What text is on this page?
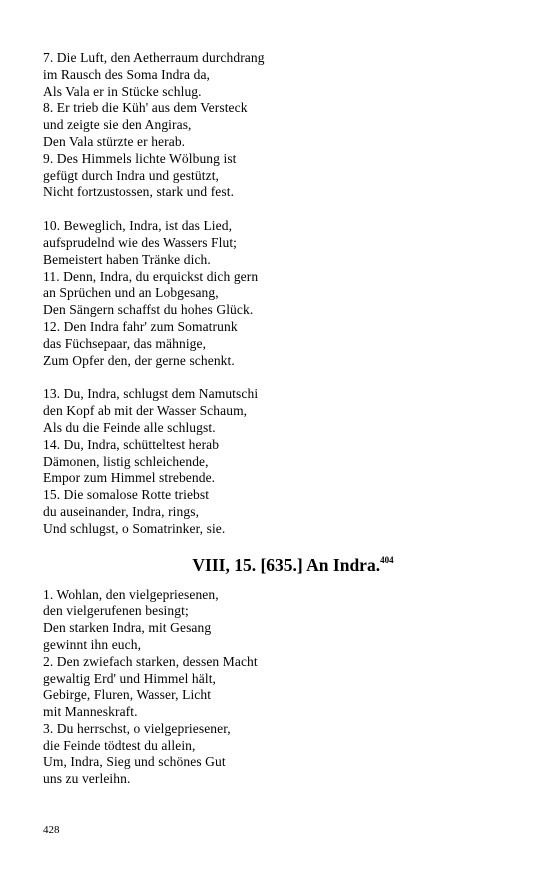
7. Die Luft, den Aetherraum durchdrang
im Rausch des Soma Indra da,
Als Vala er in Stücke schlug.
8. Er trieb die Küh' aus dem Versteck
und zeigte sie den Angiras,
Den Vala stürzte er herab.
9. Des Himmels lichte Wölbung ist
gefügt durch Indra und gestützt,
Nicht fortzustossen, stark und fest.
10. Beweglich, Indra, ist das Lied,
aufsprudelnd wie des Wassers Flut;
Bemeistert haben Tränke dich.
11. Denn, Indra, du erquickst dich gern
an Sprüchen und an Lobgesang,
Den Sängern schaffst du hohes Glück.
12. Den Indra fahr' zum Somatrunk
das Füchsepaar, das mähnige,
Zum Opfer den, der gerne schenkt.
13. Du, Indra, schlugst dem Namutschi
den Kopf ab mit der Wasser Schaum,
Als du die Feinde alle schlugst.
14. Du, Indra, schütteltest herab
Dämonen, listig schleichende,
Empor zum Himmel strebende.
15. Die somalose Rotte triebst
du auseinander, Indra, rings,
Und schlugst, o Somatrinker, sie.
VIII, 15. [635.] An Indra.$^{404}$
1. Wohlan, den vielgepriesenen,
den vielgerufenen besingt;
Den starken Indra, mit Gesang
gewinnt ihn euch,
2. Den zwiefach starken, dessen Macht
gewaltig Erd' und Himmel hält,
Gebirge, Fluren, Wasser, Licht
mit Manneskraft.
3. Du herrschst, o vielgepriesener,
die Feinde tödtest du allein,
Um, Indra, Sieg und schönes Gut
uns zu verleihn.
428
